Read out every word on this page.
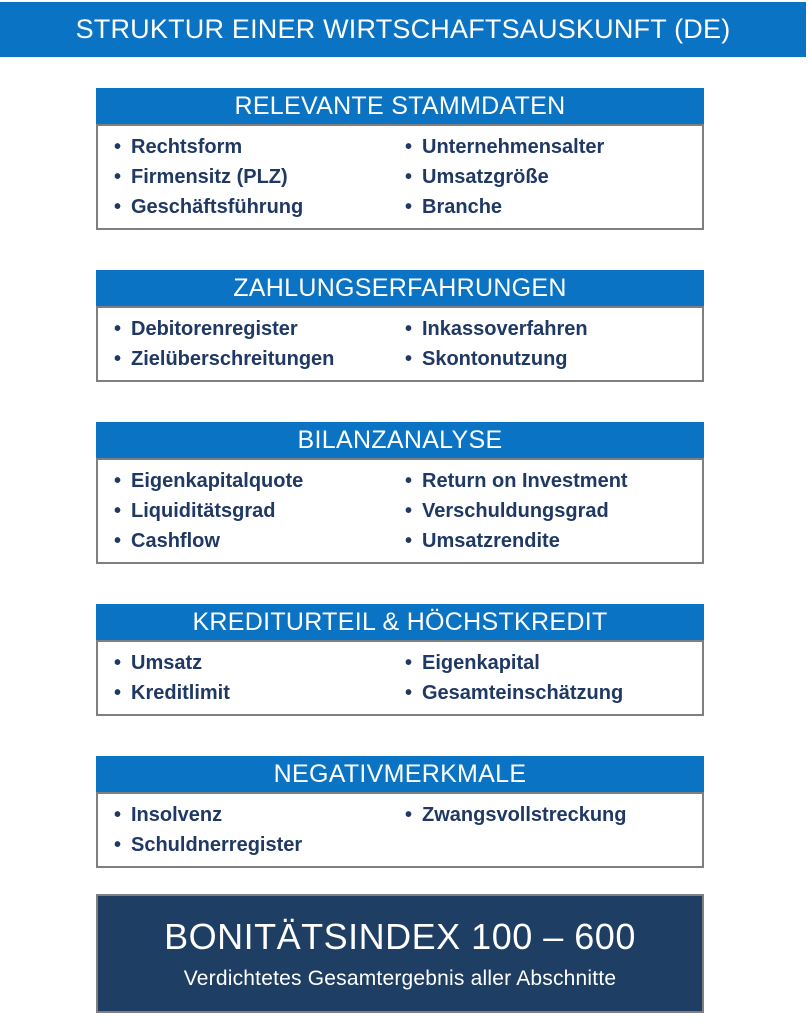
STRUKTUR EINER WIRTSCHAFTSAUSKUNFT (DE)
RELEVANTE STAMMDATEN
• Rechtsform
• Firmensitz (PLZ)
• Geschäftsführung
• Unternehmensalter
• Umsatzgröße
• Branche
ZAHLUNGSERFAHRUNGEN
• Debitorenregister
• Zielüberschreitungen
• Inkassoverfahren
• Skontonutzung
BILANZANALYSE
• Eigenkapitalquote
• Liquiditätsgrad
• Cashflow
• Return on Investment
• Verschuldungsgrad
• Umsatzrendite
KREDITURTEIL & HÖCHSTKREDIT
• Umsatz
• Kreditlimit
• Eigenkapital
• Gesamteinschätzung
NEGATIVMERKMALE
• Insolvenz
• Schuldnerregister
• Zwangsvollstreckung
BONITÄTSINDEX 100 – 600
Verdichtetes Gesamtergebnis aller Abschnitte
